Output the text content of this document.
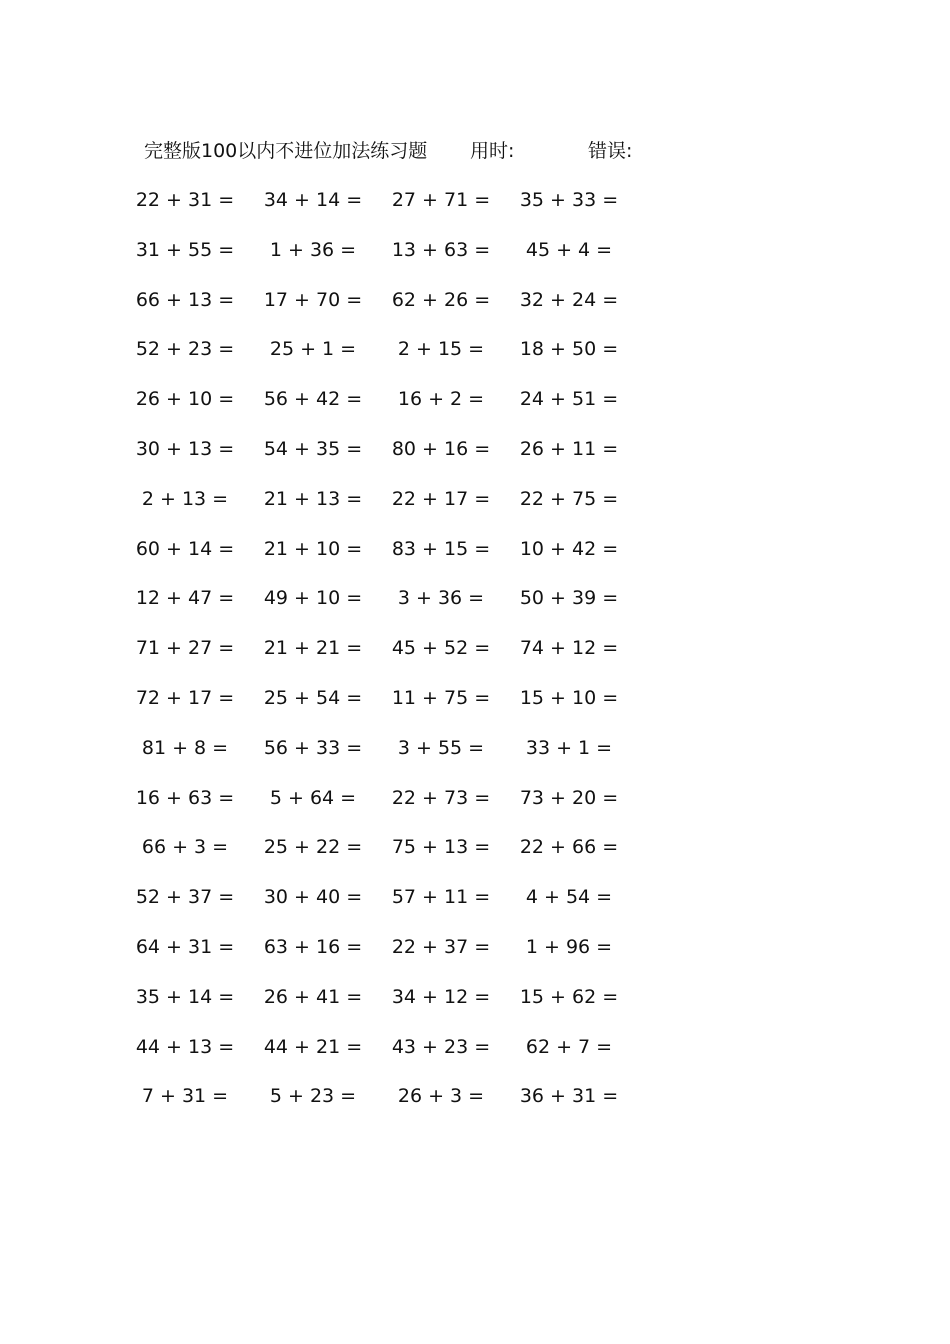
完整版100以内不进位加法练习题 用时:	错误:
22 + 31 =	34 + 14 =	27 + 71 =	35 + 33 =
31 + 55 =	1 + 36 =	13 + 63 =	45 + 4 =
66 + 13 =	17 + 70 =	62 + 26 =	32 + 24 =
52 + 23 =	25 + 1 =	2 + 15 =	18 + 50 =
26 + 10 =	56 + 42 =	16 + 2 =	24 + 51 =
30 + 13 =	54 + 35 =	80 + 16 =	26 + 11 =
2 + 13 =	21 + 13 =	22 + 17 =	22 + 75 =
60 + 14 =	21 + 10 =	83 + 15 =	10 + 42 =
12 + 47 =	49 + 10 =	3 + 36 =	50 + 39 =
71 + 27 =	21 + 21 =	45 + 52 =	74 + 12 =
72 + 17 =	25 + 54 =	11 + 75 =	15 + 10 =
81 + 8 =	56 + 33 =	3 + 55 =	33 + 1 =
16 + 63 =	5 + 64 =	22 + 73 =	73 + 20 =
66 + 3 =	25 + 22 =	75 + 13 =	22 + 66 =
52 + 37 =	30 + 40 =	57 + 11 =	4 + 54 =
64 + 31 =	63 + 16 =	22 + 37 =	1 + 96 =
35 + 14 =	26 + 41 =	34 + 12 =	15 + 62 =
44 + 13 =	44 + 21 =	43 + 23 =	62 + 7 =
7 + 31 =	5 + 23 =	26 + 3 =	36 + 31 =
